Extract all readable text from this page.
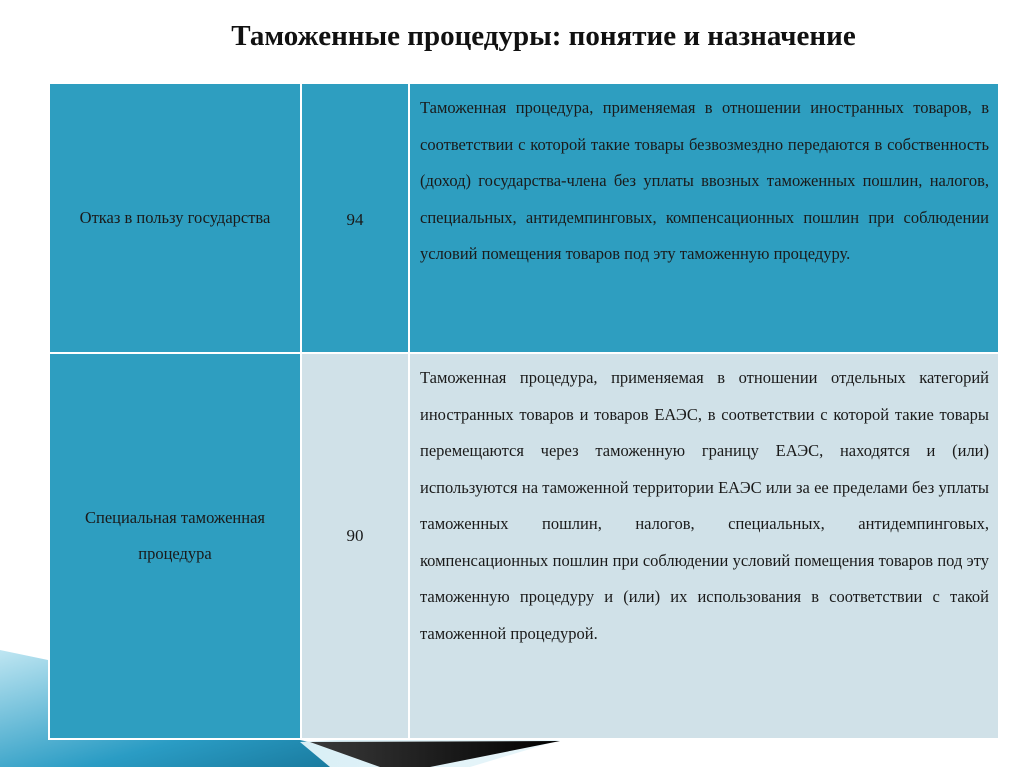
Таможенные процедуры: понятие и назначение
Отказ в пользу государства	94	Таможенная процедура, применяемая в отношении иностранных товаров, в соответствии с которой такие товары безвозмездно передаются в собственность (доход) государства-члена без уплаты ввозных таможенных пошлин, налогов, специальных, антидемпинговых, компенсационных пошлин при соблюдении условий помещения товаров под эту таможенную процедуру.

Специальная таможенная процедура	90	Таможенная процедура, применяемая в отношении отдельных категорий иностранных товаров и товаров ЕАЭС, в соответствии с которой такие товары перемещаются через таможенную границу ЕАЭС, находятся и (или) используются на таможенной территории ЕАЭС или за ее пределами без уплаты таможенных пошлин, налогов, специальных, антидемпинговых, компенсационных пошлин при соблюдении условий помещения товаров под эту таможенную процедуру и (или) их использования в соответствии с такой таможенной процедурой.
